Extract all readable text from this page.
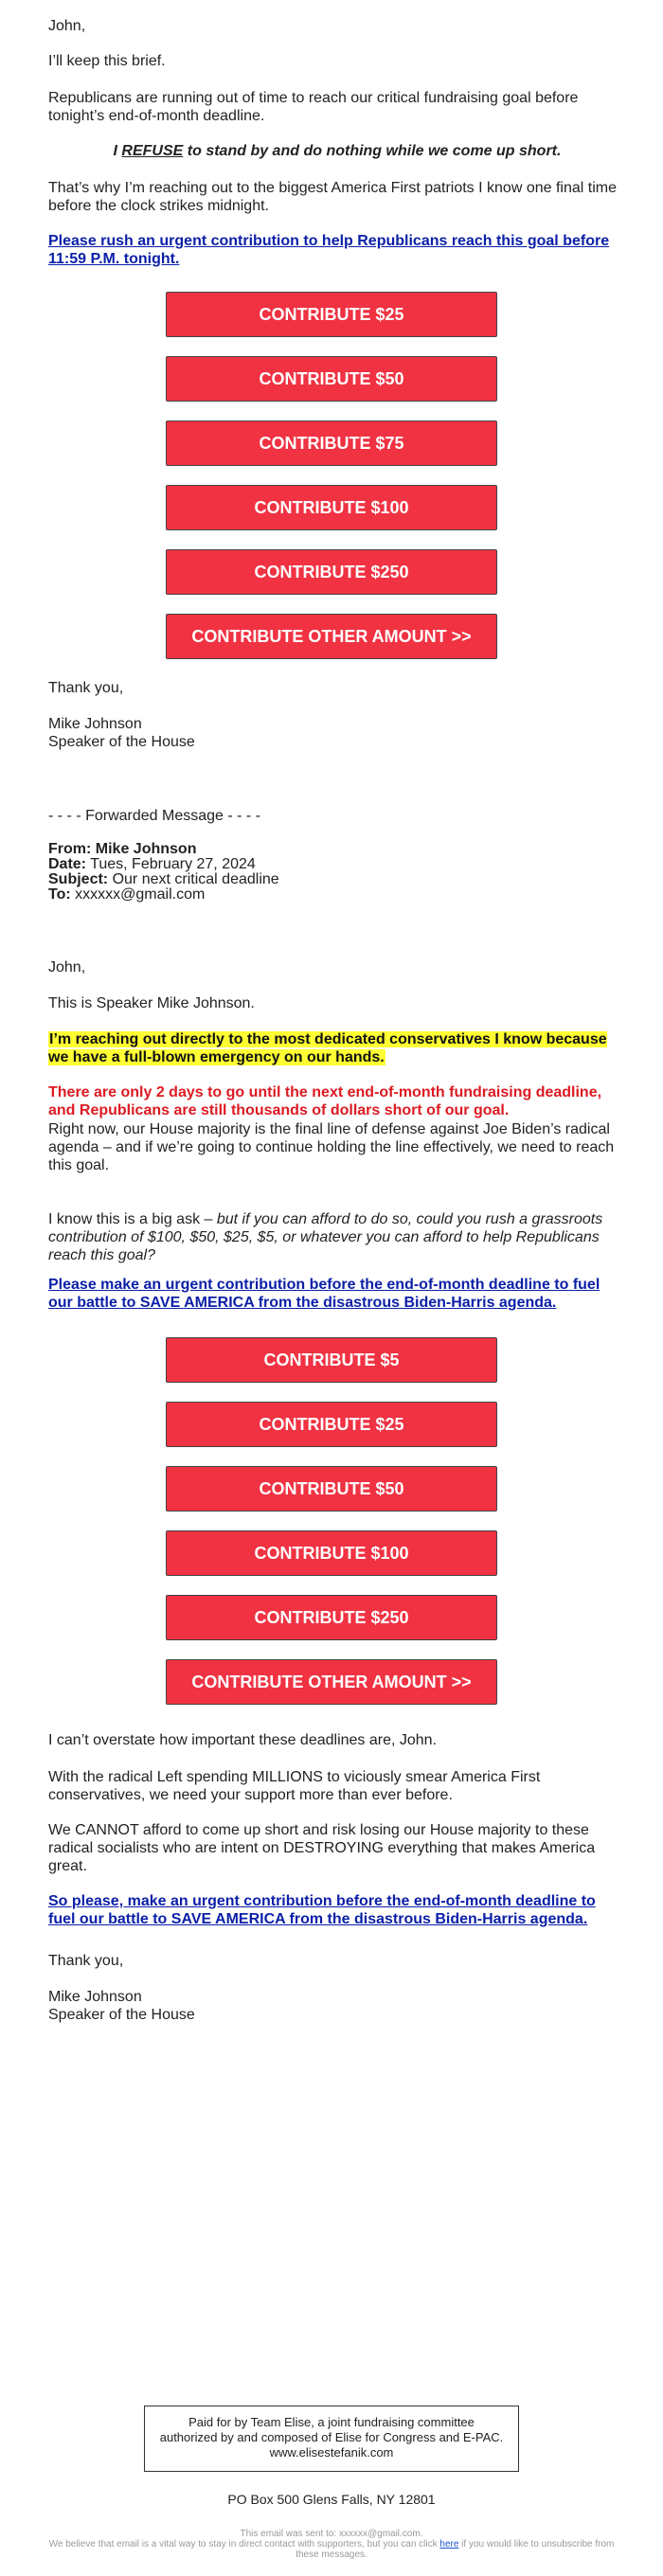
John,

I’ll keep this brief.

Republicans are running out of time to reach our critical fundraising goal before tonight’s end-of-month deadline.

I REFUSE to stand by and do nothing while we come up short.

That’s why I’m reaching out to the biggest America First patriots I know one final time before the clock strikes midnight.

Please rush an urgent contribution to help Republicans reach this goal before 11:59 P.M. tonight.

CONTRIBUTE $25
CONTRIBUTE $50
CONTRIBUTE $75
CONTRIBUTE $100
CONTRIBUTE $250
CONTRIBUTE OTHER AMOUNT >>

Thank you,

Mike Johnson

Speaker of the House

- - - - Forwarded Message - - - -

From: Mike Johnson

Date: Tues, February 27, 2024

Subject: Our next critical deadline

To: xxxxxx@gmail.com

John,

This is Speaker Mike Johnson.

I’m reaching out directly to the most dedicated conservatives I know because we have a full-blown emergency on our hands.

There are only 2 days to go until the next end-of-month fundraising deadline, and Republicans are still thousands of dollars short of our goal.

Right now, our House majority is the final line of defense against Joe Biden’s radical agenda – and if we’re going to continue holding the line effectively, we need to reach this goal.

I know this is a big ask – but if you can afford to do so, could you rush a grassroots contribution of $100, $50, $25, $5, or whatever you can afford to help Republicans reach this goal?

Please make an urgent contribution before the end-of-month deadline to fuel our battle to SAVE AMERICA from the disastrous Biden-Harris agenda.

CONTRIBUTE $5
CONTRIBUTE $25
CONTRIBUTE $50
CONTRIBUTE $100
CONTRIBUTE $250
CONTRIBUTE OTHER AMOUNT >>

I can’t overstate how important these deadlines are, John.

With the radical Left spending MILLIONS to viciously smear America First conservatives, we need your support more than ever before.

We CANNOT afford to come up short and risk losing our House majority to these radical socialists who are intent on DESTROYING everything that makes America great.

So please, make an urgent contribution before the end-of-month deadline to fuel our battle to SAVE AMERICA from the disastrous Biden-Harris agenda.

Thank you,

Mike Johnson

Speaker of the House

Paid for by Team Elise, a joint fundraising committee authorized by and composed of Elise for Congress and E-PAC. www.elisestefanik.com

PO Box 500 Glens Falls, NY 12801

This email was sent to: xxxxxx@gmail.com.

We believe that email is a vital way to stay in direct contact with supporters, but you can click here if you would like to unsubscribe from these messages.
